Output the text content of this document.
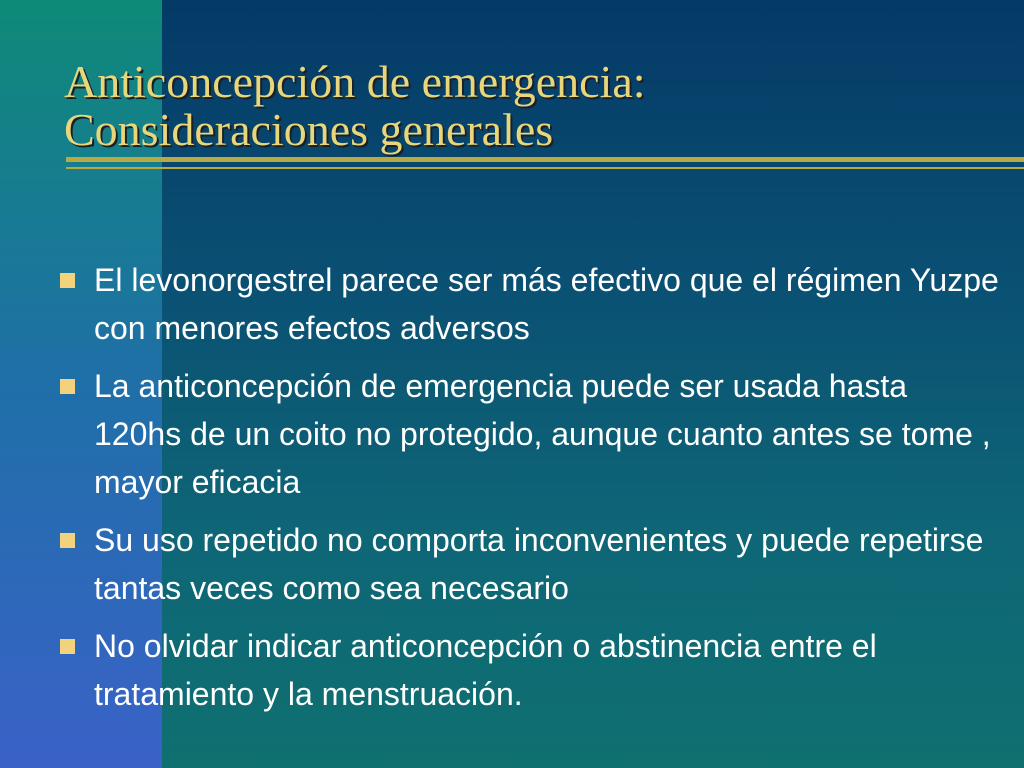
Anticoncepción de emergencia:
Consideraciones generales
El levonorgestrel parece ser más efectivo que el régimen Yuzpe con menores efectos adversos
La anticoncepción de emergencia puede ser usada hasta 120hs de un coito no protegido, aunque cuanto antes se tome , mayor eficacia
Su uso repetido no comporta inconvenientes y puede repetirse tantas veces como sea necesario
No olvidar indicar anticoncepción o abstinencia entre el tratamiento y la menstruación.
